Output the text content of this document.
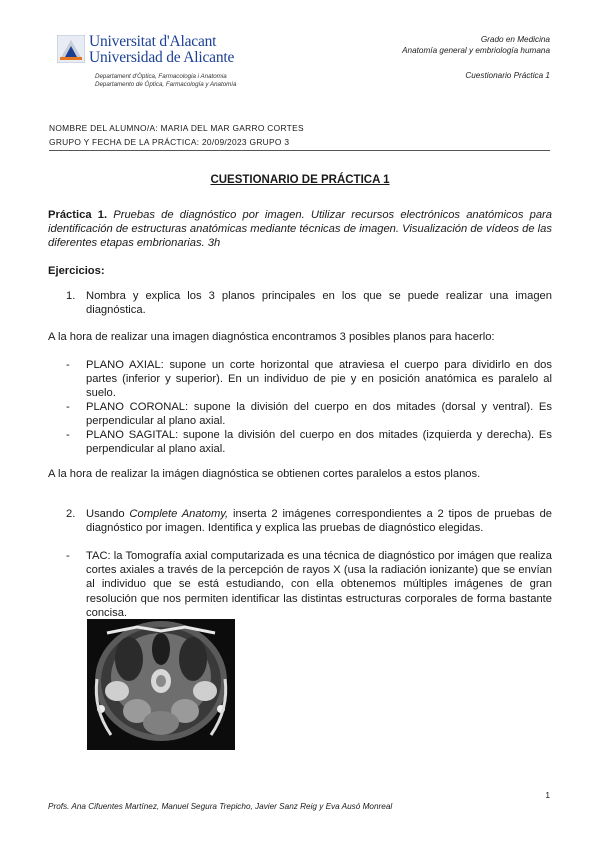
Universitat d'Alacant
Universidad de Alicante
Departament d'Òptica, Farmacologia i Anatomia
Departamento de Óptica, Farmacología y Anatomía
Grado en Medicina
Anatomía general y embriología humana
Cuestionario Práctica 1
NOMBRE DEL ALUMNO/A: MARIA DEL MAR GARRO CORTES
GRUPO Y FECHA DE LA PRÁCTICA: 20/09/2023 GRUPO 3
CUESTIONARIO DE PRÁCTICA 1
Práctica 1. Pruebas de diagnóstico por imagen. Utilizar recursos electrónicos anatómicos para identificación de estructuras anatómicas mediante técnicas de imagen. Visualización de vídeos de las diferentes etapas embrionarias. 3h
Ejercicios:
1. Nombra y explica los 3 planos principales en los que se puede realizar una imagen diagnóstica.
A la hora de realizar una imagen diagnóstica encontramos 3 posibles planos para hacerlo:
-	PLANO AXIAL: supone un corte horizontal que atraviesa el cuerpo para dividirlo en dos partes (inferior y superior). En un individuo de pie y en posición anatómica es paralelo al suelo.
-	PLANO CORONAL: supone la división del cuerpo en dos mitades (dorsal y ventral). Es perpendicular al plano axial.
-	PLANO SAGITAL: supone la división del cuerpo en dos mitades (izquierda y derecha). Es perpendicular al plano axial.
A la hora de realizar la imágen diagnóstica se obtienen cortes paralelos a estos planos.
2. Usando Complete Anatomy, inserta 2 imágenes correspondientes a 2 tipos de pruebas de diagnóstico por imagen. Identifica y explica las pruebas de diagnóstico elegidas.
-	TAC: la Tomografía axial computarizada es una técnica de diagnóstico por imágen que realiza cortes axiales a través de la percepción de rayos X (usa la radiación ionizante) que se envían al individuo que se está estudiando, con ella obtenemos múltiples imágenes de gran resolución que nos permiten identificar las distintas estructuras corporales de forma bastante concisa.
1
Profs. Ana Cifuentes Martínez, Manuel Segura Trepicho, Javier Sanz Reig y Eva Ausó Monreal
